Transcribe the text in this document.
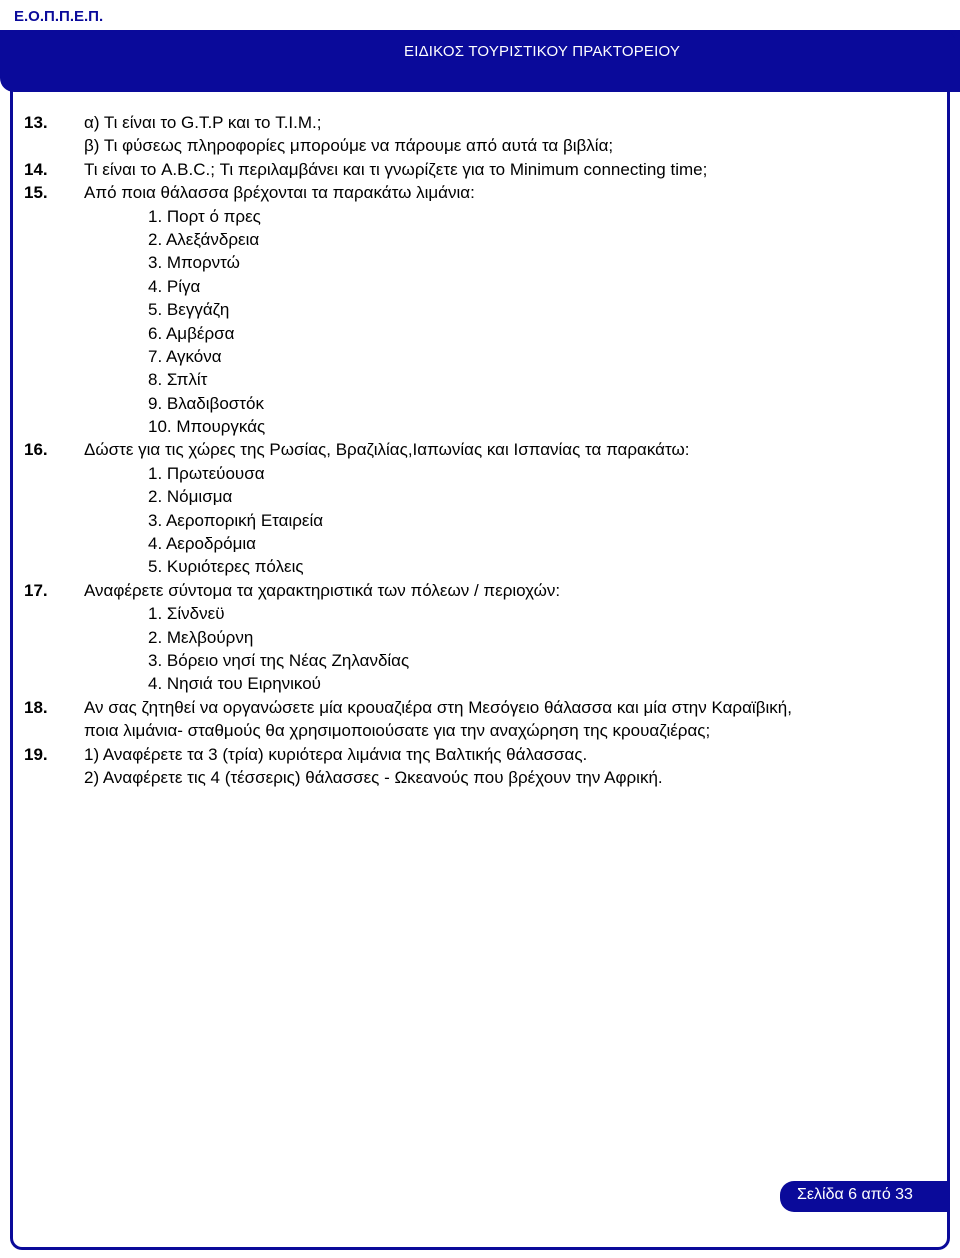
Ε.Ο.Π.Π.Ε.Π.
ΕΙΔΙΚΟΣ ΤΟΥΡΙΣΤΙΚΟΥ ΠΡΑΚΤΟΡΕΙΟΥ
13. α) Τι είναι το G.T.P και το T.I.M.;
β) Τι φύσεως πληροφορίες μπορούμε να πάρουμε από αυτά τα βιβλία;
14. Τι είναι το A.B.C.; Τι περιλαμβάνει και τι γνωρίζετε για το Minimum connecting time;
15. Από ποια θάλασσα βρέχονται τα παρακάτω λιμάνια:
1. Πορτ ό πρες
2. Αλεξάνδρεια
3. Μπορντώ
4. Ρίγα
5. Βεγγάζη
6. Αμβέρσα
7. Αγκόνα
8. Σπλίτ
9. Βλαδιβοστόκ
10. Μπουργκάς
16. Δώστε για τις χώρες της Ρωσίας, Βραζιλίας,Ιαπωνίας και Ισπανίας τα παρακάτω:
1. Πρωτεύουσα
2. Νόμισμα
3. Αεροπορική Εταιρεία
4. Αεροδρόμια
5. Κυριότερες πόλεις
17. Αναφέρετε σύντομα τα χαρακτηριστικά των πόλεων / περιοχών:
1. Σίνδνεϋ
2. Μελβούρνη
3. Βόρειο νησί της Νέας Ζηλανδίας
4. Νησιά του Ειρηνικού
18. Αν σας ζητηθεί να οργανώσετε μία κρουαζιέρα στη Μεσόγειο θάλασσα και μία στην Καραϊβική,
ποια λιμάνια- σταθμούς θα χρησιμοποιούσατε για την αναχώρηση της κρουαζιέρας;
19. 1) Αναφέρετε τα 3 (τρία) κυριότερα λιμάνια της Βαλτικής θάλασσας.
2) Αναφέρετε τις 4 (τέσσερις) θάλασσες - Ωκεανούς που βρέχουν την Αφρική.
Σελίδα 6 από 33
